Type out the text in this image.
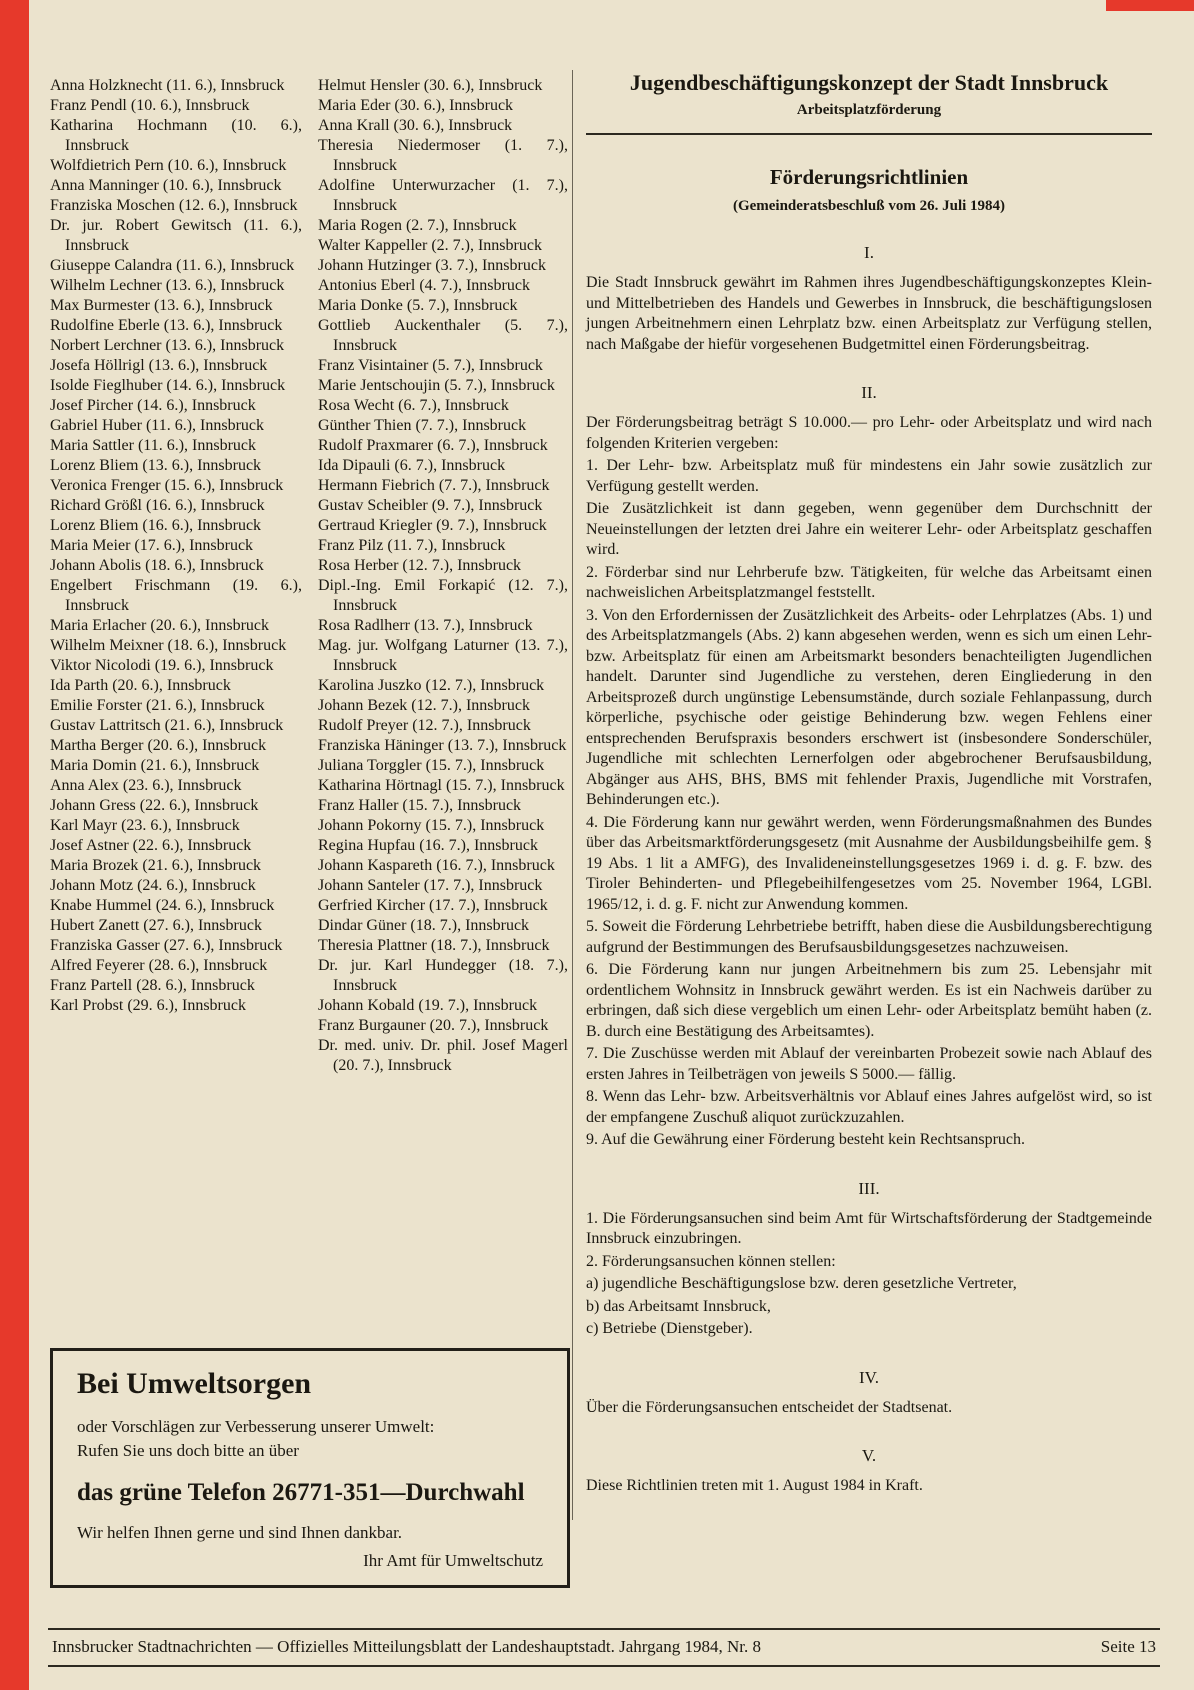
Anna Holzknecht (11. 6.), Innsbruck

Franz Pendl (10. 6.), Innsbruck

Katharina Hochmann (10. 6.), Innsbruck

Wolfdietrich Pern (10. 6.), Innsbruck

Anna Manninger (10. 6.), Innsbruck

Franziska Moschen (12. 6.), Innsbruck

Dr. jur. Robert Gewitsch (11. 6.), Innsbruck

Giuseppe Calandra (11. 6.), Innsbruck

Wilhelm Lechner (13. 6.), Innsbruck

Max Burmester (13. 6.), Innsbruck

Rudolfine Eberle (13. 6.), Innsbruck

Norbert Lerchner (13. 6.), Innsbruck

Josefa Höllrigl (13. 6.), Innsbruck

Isolde Fieglhuber (14. 6.), Innsbruck

Josef Pircher (14. 6.), Innsbruck

Gabriel Huber (11. 6.), Innsbruck

Maria Sattler (11. 6.), Innsbruck

Lorenz Bliem (13. 6.), Innsbruck

Veronica Frenger (15. 6.), Innsbruck

Richard Größl (16. 6.), Innsbruck

Lorenz Bliem (16. 6.), Innsbruck

Maria Meier (17. 6.), Innsbruck

Johann Abolis (18. 6.), Innsbruck

Engelbert Frischmann (19. 6.), Innsbruck

Maria Erlacher (20. 6.), Innsbruck

Wilhelm Meixner (18. 6.), Innsbruck

Viktor Nicolodi (19. 6.), Innsbruck

Ida Parth (20. 6.), Innsbruck

Emilie Forster (21. 6.), Innsbruck

Gustav Lattritsch (21. 6.), Innsbruck

Martha Berger (20. 6.), Innsbruck

Maria Domin (21. 6.), Innsbruck

Anna Alex (23. 6.), Innsbruck

Johann Gress (22. 6.), Innsbruck

Karl Mayr (23. 6.), Innsbruck

Josef Astner (22. 6.), Innsbruck

Maria Brozek (21. 6.), Innsbruck

Johann Motz (24. 6.), Innsbruck

Knabe Hummel (24. 6.), Innsbruck

Hubert Zanett (27. 6.), Innsbruck

Franziska Gasser (27. 6.), Innsbruck

Alfred Feyerer (28. 6.), Innsbruck

Franz Partell (28. 6.), Innsbruck

Karl Probst (29. 6.), Innsbruck

Helmut Hensler (30. 6.), Innsbruck

Maria Eder (30. 6.), Innsbruck

Anna Krall (30. 6.), Innsbruck

Theresia Niedermoser (1. 7.), Innsbruck

Adolfine Unterwurzacher (1. 7.), Innsbruck

Maria Rogen (2. 7.), Innsbruck

Walter Kappeller (2. 7.), Innsbruck

Johann Hutzinger (3. 7.), Innsbruck

Antonius Eberl (4. 7.), Innsbruck

Maria Donke (5. 7.), Innsbruck

Gottlieb Auckenthaler (5. 7.), Innsbruck

Franz Visintainer (5. 7.), Innsbruck

Marie Jentschoujin (5. 7.), Innsbruck

Rosa Wecht (6. 7.), Innsbruck

Günther Thien (7. 7.), Innsbruck

Rudolf Praxmarer (6. 7.), Innsbruck

Ida Dipauli (6. 7.), Innsbruck

Hermann Fiebrich (7. 7.), Innsbruck

Gustav Scheibler (9. 7.), Innsbruck

Gertraud Kriegler (9. 7.), Innsbruck

Franz Pilz (11. 7.), Innsbruck

Rosa Herber (12. 7.), Innsbruck

Dipl.-Ing. Emil Forkapić (12. 7.), Innsbruck

Rosa Radlherr (13. 7.), Innsbruck

Mag. jur. Wolfgang Laturner (13. 7.), Innsbruck

Karolina Juszko (12. 7.), Innsbruck

Johann Bezek (12. 7.), Innsbruck

Rudolf Preyer (12. 7.), Innsbruck

Franziska Häninger (13. 7.), Innsbruck

Juliana Torggler (15. 7.), Innsbruck

Katharina Hörtnagl (15. 7.), Innsbruck

Franz Haller (15. 7.), Innsbruck

Johann Pokorny (15. 7.), Innsbruck

Regina Hupfau (16. 7.), Innsbruck

Johann Kaspareth (16. 7.), Innsbruck

Johann Santeler (17. 7.), Innsbruck

Gerfried Kircher (17. 7.), Innsbruck

Dindar Güner (18. 7.), Innsbruck

Theresia Plattner (18. 7.), Innsbruck

Dr. jur. Karl Hundegger (18. 7.), Innsbruck

Johann Kobald (19. 7.), Innsbruck

Franz Burgauner (20. 7.), Innsbruck

Dr. med. univ. Dr. phil. Josef Magerl (20. 7.), Innsbruck

Jugendbeschäftigungskonzept der Stadt Innsbruck
Arbeitsplatzförderung
Förderungsrichtlinien
(Gemeinderatsbeschluß vom 26. Juli 1984)
I.

Die Stadt Innsbruck gewährt im Rahmen ihres Jugendbeschäftigungskonzeptes Klein- und Mittelbetrieben des Handels und Gewerbes in Innsbruck, die beschäftigungslosen jungen Arbeitnehmern einen Lehrplatz bzw. einen Arbeitsplatz zur Verfügung stellen, nach Maßgabe der hiefür vorgesehenen Budgetmittel einen Förderungsbeitrag.

II.

Der Förderungsbeitrag beträgt S 10.000.— pro Lehr- oder Arbeitsplatz und wird nach folgenden Kriterien vergeben:

1. Der Lehr- bzw. Arbeitsplatz muß für mindestens ein Jahr sowie zusätzlich zur Verfügung gestellt werden.

Die Zusätzlichkeit ist dann gegeben, wenn gegenüber dem Durchschnitt der Neueinstellungen der letzten drei Jahre ein weiterer Lehr- oder Arbeitsplatz geschaffen wird.

2. Förderbar sind nur Lehrberufe bzw. Tätigkeiten, für welche das Arbeitsamt einen nachweislichen Arbeitsplatzmangel feststellt.

3. Von den Erfordernissen der Zusätzlichkeit des Arbeits- oder Lehrplatzes (Abs. 1) und des Arbeitsplatzmangels (Abs. 2) kann abgesehen werden, wenn es sich um einen Lehr- bzw. Arbeitsplatz für einen am Arbeitsmarkt besonders benachteiligten Jugendlichen handelt. Darunter sind Jugendliche zu verstehen, deren Eingliederung in den Arbeitsprozeß durch ungünstige Lebensumstände, durch soziale Fehlanpassung, durch körperliche, psychische oder geistige Behinderung bzw. wegen Fehlens einer entsprechenden Berufspraxis besonders erschwert ist (insbesondere Sonderschüler, Jugendliche mit schlechten Lernerfolgen oder abgebrochener Berufsausbildung, Abgänger aus AHS, BHS, BMS mit fehlender Praxis, Jugendliche mit Vorstrafen, Behinderungen etc.).

4. Die Förderung kann nur gewährt werden, wenn Förderungsmaßnahmen des Bundes über das Arbeitsmarktförderungsgesetz (mit Ausnahme der Ausbildungsbeihilfe gem. § 19 Abs. 1 lit a AMFG), des Invalideneinstellungsgesetzes 1969 i. d. g. F. bzw. des Tiroler Behinderten- und Pflegebeihilfengesetzes vom 25. November 1964, LGBl. 1965/12, i. d. g. F. nicht zur Anwendung kommen.

5. Soweit die Förderung Lehrbetriebe betrifft, haben diese die Ausbildungsberechtigung aufgrund der Bestimmungen des Berufsausbildungsgesetzes nachzuweisen.

6. Die Förderung kann nur jungen Arbeitnehmern bis zum 25. Lebensjahr mit ordentlichem Wohnsitz in Innsbruck gewährt werden. Es ist ein Nachweis darüber zu erbringen, daß sich diese vergeblich um einen Lehr- oder Arbeitsplatz bemüht haben (z. B. durch eine Bestätigung des Arbeitsamtes).

7. Die Zuschüsse werden mit Ablauf der vereinbarten Probezeit sowie nach Ablauf des ersten Jahres in Teilbeträgen von jeweils S 5000.— fällig.

8. Wenn das Lehr- bzw. Arbeitsverhältnis vor Ablauf eines Jahres aufgelöst wird, so ist der empfangene Zuschuß aliquot zurückzuzahlen.

9. Auf die Gewährung einer Förderung besteht kein Rechtsanspruch.

III.

1. Die Förderungsansuchen sind beim Amt für Wirtschaftsförderung der Stadtgemeinde Innsbruck einzubringen.

2. Förderungsansuchen können stellen:

a) jugendliche Beschäftigungslose bzw. deren gesetzliche Vertreter,

b) das Arbeitsamt Innsbruck,

c) Betriebe (Dienstgeber).

IV.

Über die Förderungsansuchen entscheidet der Stadtsenat.

V.

Diese Richtlinien treten mit 1. August 1984 in Kraft.

Bei Umweltsorgen

oder Vorschlägen zur Verbesserung unserer Umwelt:

Rufen Sie uns doch bitte an über

das grüne Telefon 26771-351—Durchwahl

Wir helfen Ihnen gerne und sind Ihnen dankbar.

Ihr Amt für Umweltschutz

Innsbrucker Stadtnachrichten — Offizielles Mitteilungsblatt der Landeshauptstadt. Jahrgang 1984, Nr. 8	Seite 13
